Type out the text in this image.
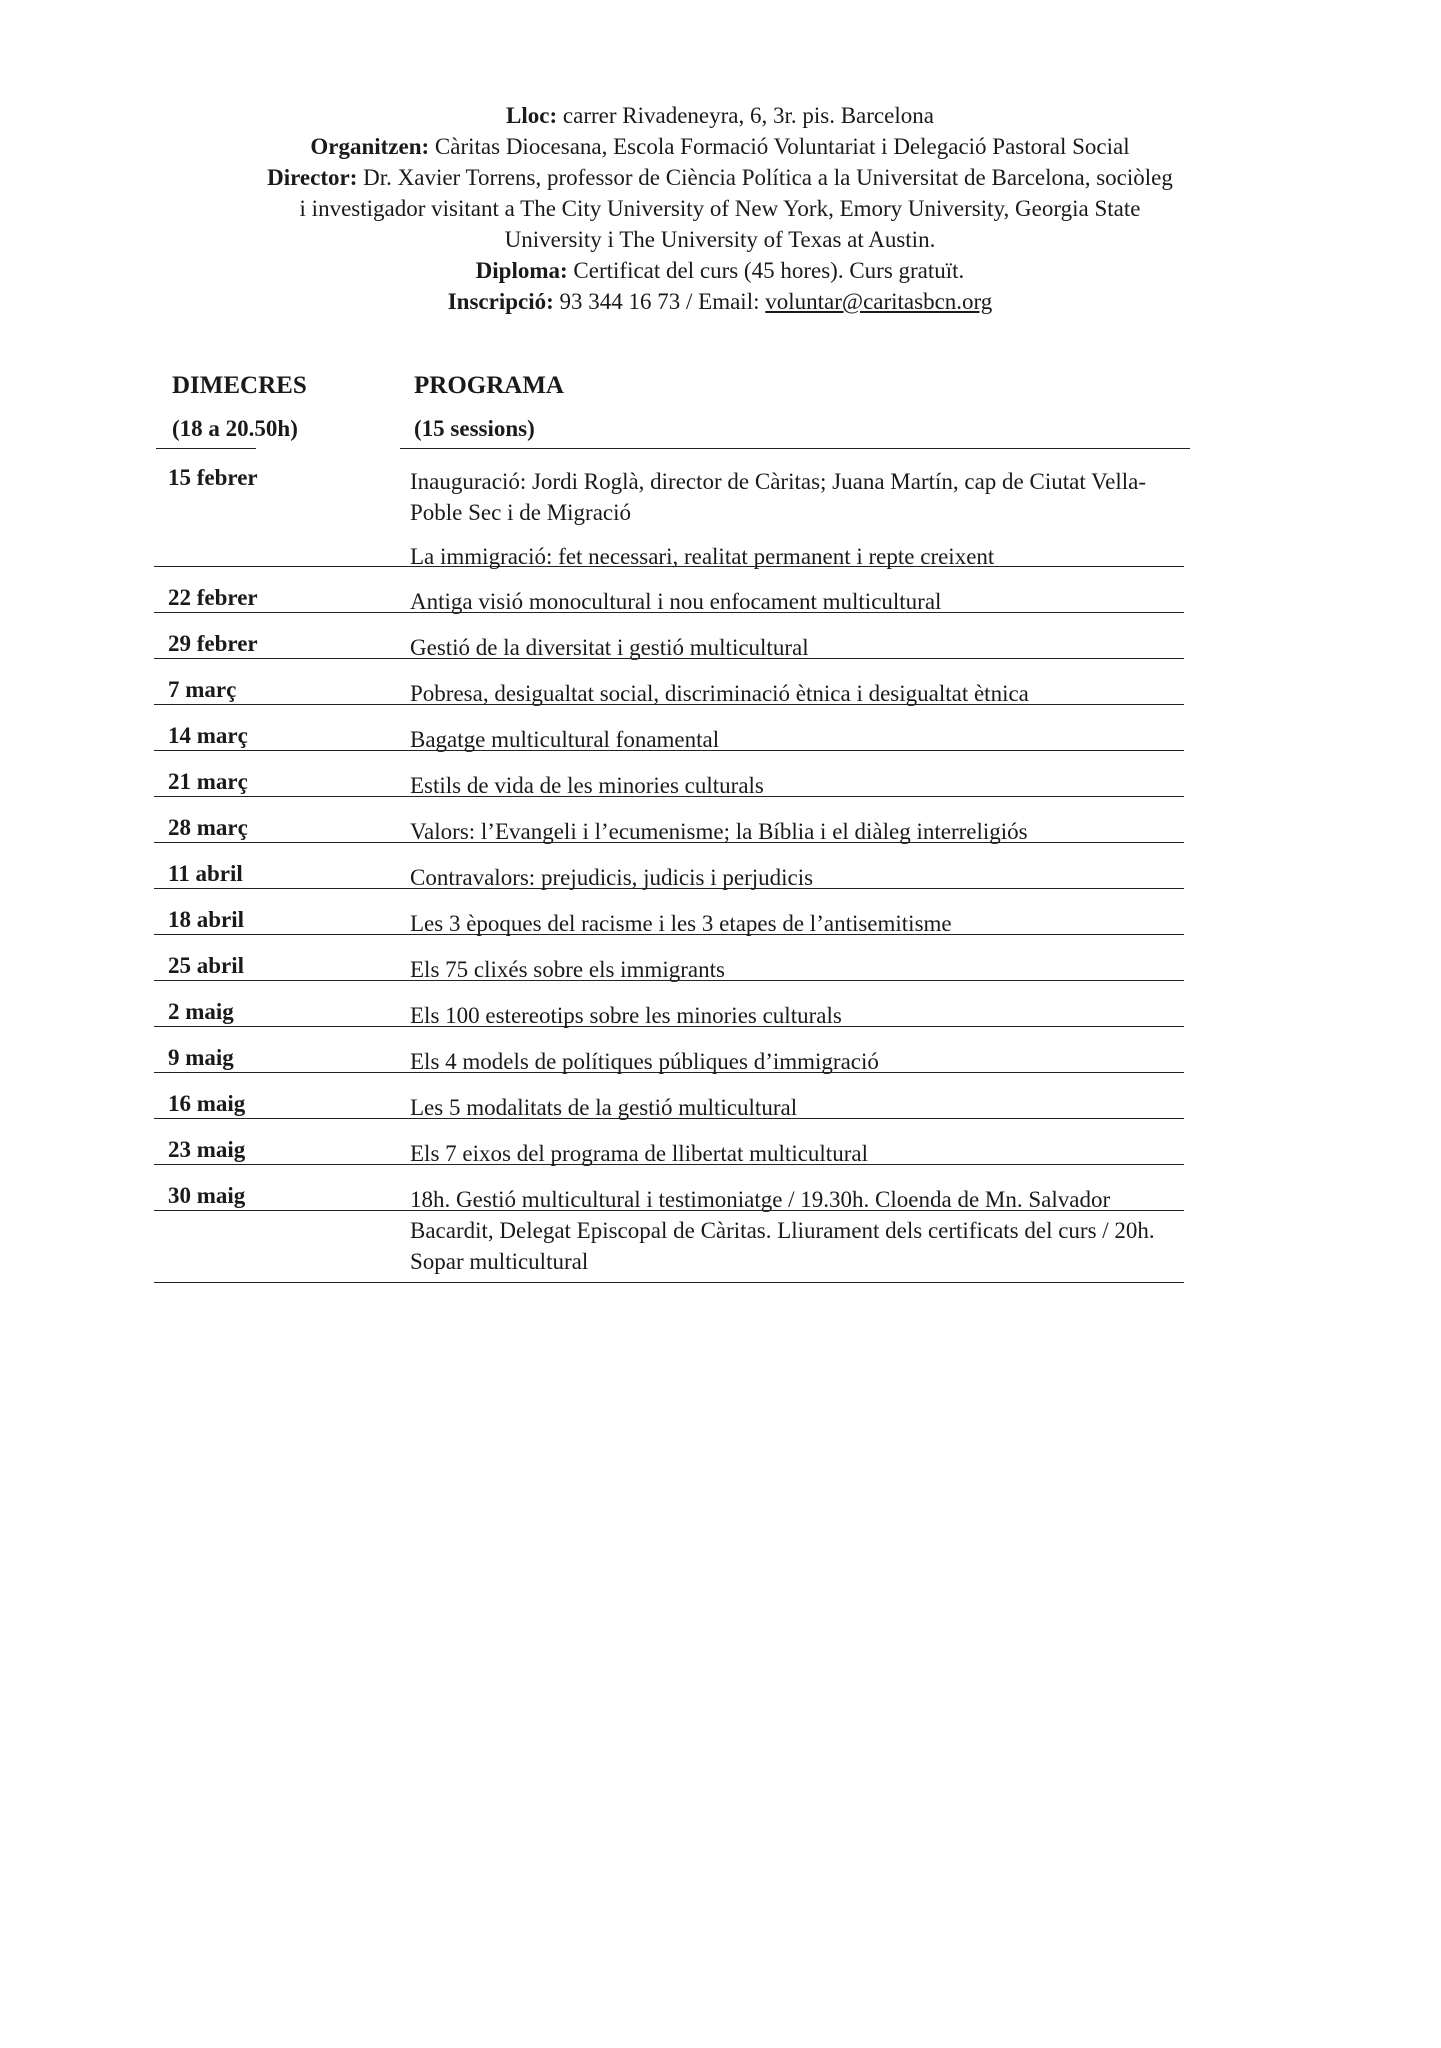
Lloc: carrer Rivadeneyra, 6, 3r. pis. Barcelona
Organitzen: Càritas Diocesana, Escola Formació Voluntariat i Delegació Pastoral Social
Director: Dr. Xavier Torrens, professor de Ciència Política a la Universitat de Barcelona, sociòleg
i investigador visitant a The City University of New York, Emory University, Georgia State
University i The University of Texas at Austin.
Diploma: Certificat del curs (45 hores). Curs gratuït.
Inscripció: 93 344 16 73 / Email: voluntar@caritasbcn.org
DIMECRES	PROGRAMA
(18 a 20.50h)	(15 sessions)
15 febrer	Inauguració: Jordi Roglà, director de Càritas; Juana Martín, cap de Ciutat Vella-Poble Sec i de Migració
La immigració: fet necessari, realitat permanent i repte creixent
22 febrer	Antiga visió monocultural i nou enfocament multicultural
29 febrer	Gestió de la diversitat i gestió multicultural
7 març	Pobresa, desigualtat social, discriminació ètnica i desigualtat ètnica
14 març	Bagatge multicultural fonamental
21 març	Estils de vida de les minories culturals
28 març	Valors: l’Evangeli i l’ecumenisme; la Bíblia i el diàleg interreligiós
11 abril	Contravalors: prejudicis, judicis i perjudicis
18 abril	Les 3 èpoques del racisme i les 3 etapes de l’antisemitisme
25 abril	Els 75 clixés sobre els immigrants
2 maig	Els 100 estereotips sobre les minories culturals
9 maig	Els 4 models de polítiques públiques d’immigració
16 maig	Les 5 modalitats de la gestió multicultural
23 maig	Els 7 eixos del programa de llibertat multicultural
30 maig	18h. Gestió multicultural i testimoniatge / 19.30h. Cloenda de Mn. Salvador Bacardit, Delegat Episcopal de Càritas. Lliurament dels certificats del curs / 20h. Sopar multicultural
